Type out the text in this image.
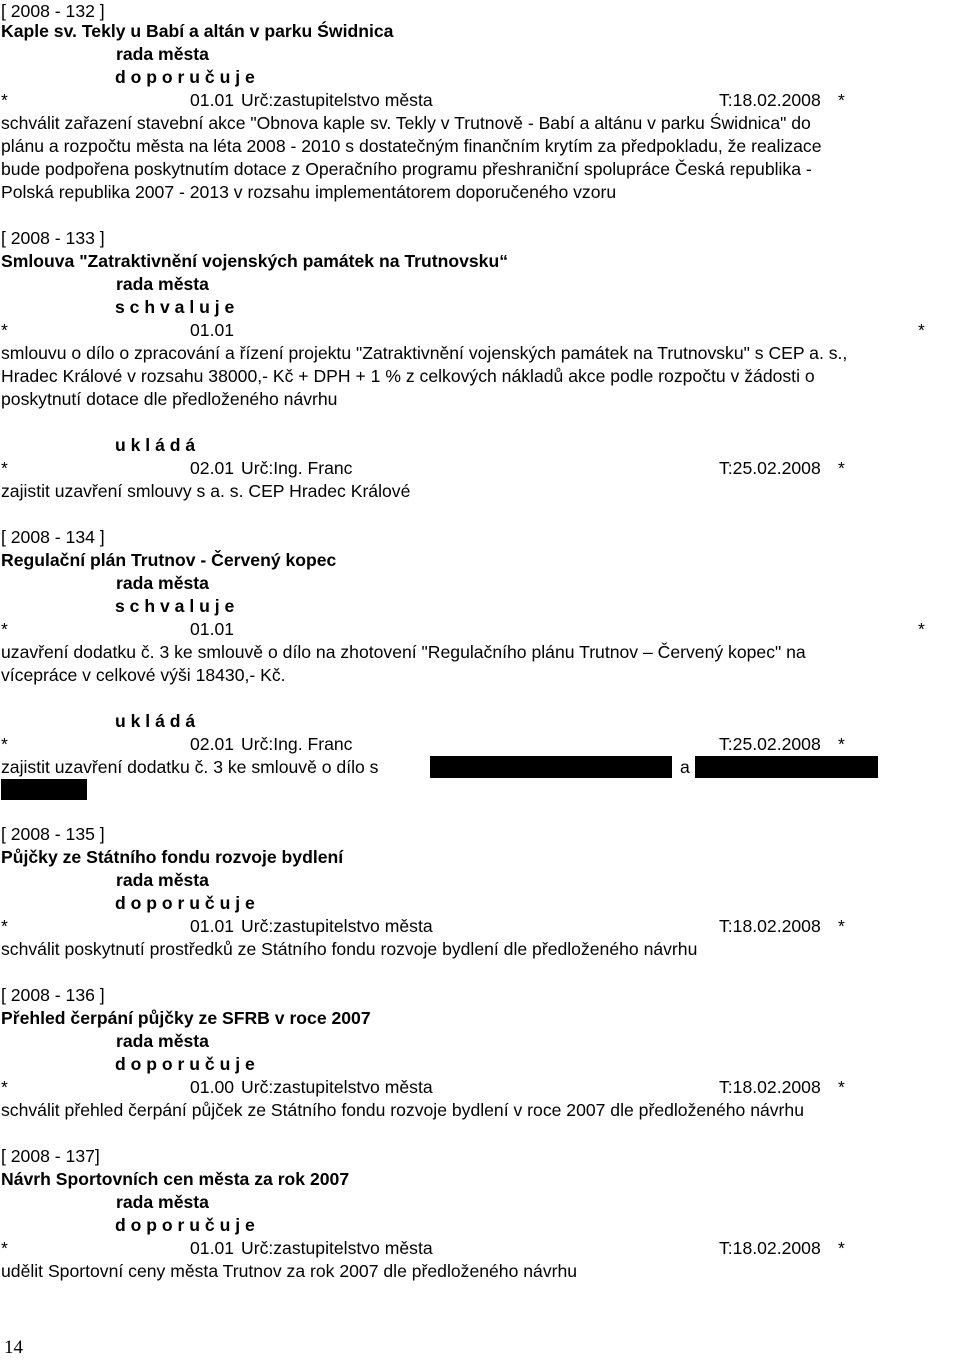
[ 2008 - 132 ]
Kaple sv. Tekly u Babí a altán v parku Świdnica
rada města
d o p o r u č u j e
*	01.01 Urč:zastupitelstvo města	T:18.02.2008 *
schválit zařazení stavební akce "Obnova kaple sv. Tekly v Trutnově - Babí a altánu v parku Świdnica" do
plánu a rozpočtu města na léta 2008 - 2010 s dostatečným finančním krytím za předpokladu, že realizace
bude podpořena poskytnutím dotace z Operačního programu přeshraniční spolupráce Česká republika -
Polská republika 2007 - 2013 v rozsahu implementátorem doporučeného vzoru
[ 2008 - 133 ]
Smlouva "Zatraktivnění vojenských památek na Trutnovsku“
rada města
s c h v a l u j e
*	01.01	*
smlouvu o dílo o zpracování a řízení projektu "Zatraktivnění vojenských památek na Trutnovsku" s CEP a. s.,
Hradec Králové v rozsahu 38000,- Kč + DPH + 1 % z celkových nákladů akce podle rozpočtu v žádosti o
poskytnutí dotace dle předloženého návrhu
u k l á d á
*	02.01 Urč:Ing. Franc	T:25.02.2008 *
zajistit uzavření smlouvy s a. s. CEP Hradec Králové
[ 2008 - 134 ]
Regulační plán Trutnov - Červený kopec
rada města
s c h v a l u j e
*	01.01	*
uzavření dodatku č. 3 ke smlouvě o dílo na zhotovení "Regulačního plánu Trutnov – Červený kopec" na
vícepráce v celkové výši 18430,- Kč.
u k l á d á
*	02.01 Urč:Ing. Franc	T:25.02.2008 *
zajistit uzavření dodatku č. 3 ke smlouvě o dílo s	a
[ 2008 - 135 ]
Půjčky ze Státního fondu rozvoje bydlení
rada města
d o p o r u č u j e
*	01.01 Urč:zastupitelstvo města	T:18.02.2008 *
schválit poskytnutí prostředků ze Státního fondu rozvoje bydlení dle předloženého návrhu
[ 2008 - 136 ]
Přehled čerpání půjčky ze SFRB v roce 2007
rada města
d o p o r u č u j e
*	01.00 Urč:zastupitelstvo města	T:18.02.2008 *
schválit přehled čerpání půjček ze Státního fondu rozvoje bydlení v roce 2007 dle předloženého návrhu
[ 2008 - 137]
Návrh Sportovních cen města za rok 2007
rada města
d o p o r u č u j e
*	01.01 Urč:zastupitelstvo města	T:18.02.2008 *
udělit Sportovní ceny města Trutnov za rok 2007 dle předloženého návrhu
14
